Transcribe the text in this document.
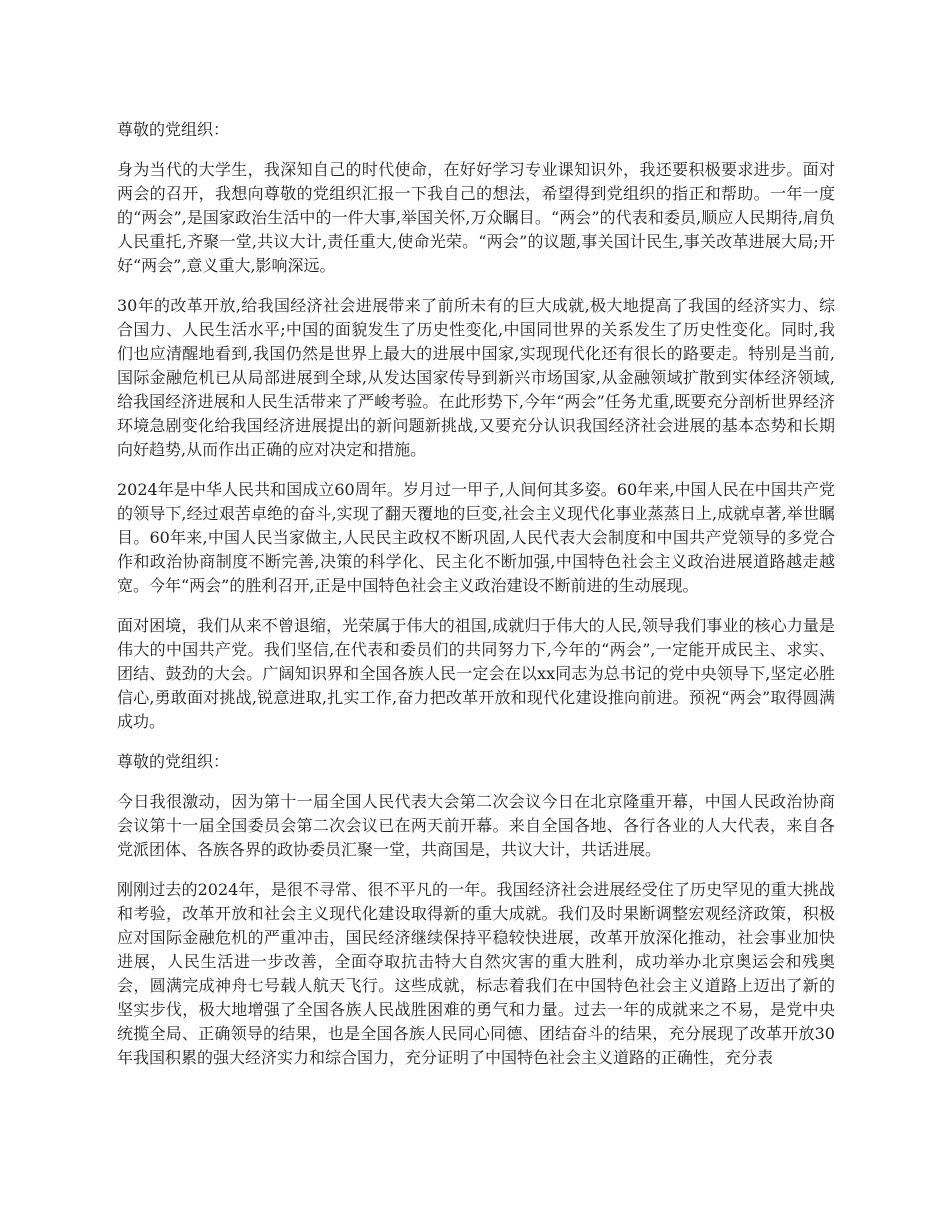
尊敬的党组织：

身为当代的大学生，我深知自己的时代使命，在好好学习专业课知识外，我还要积极要求进步。面对两会的召开，我想向尊敬的党组织汇报一下我自己的想法，希望得到党组织的指正和帮助。一年一度的“两会”,是国家政治生活中的一件大事,举国关怀,万众瞩目。“两会”的代表和委员,顺应人民期待,肩负人民重托,齐聚一堂,共议大计,责任重大,使命光荣。“两会”的议题,事关国计民生,事关改革进展大局;开好“两会”,意义重大,影响深远。

30年的改革开放,给我国经济社会进展带来了前所未有的巨大成就,极大地提高了我国的经济实力、综合国力、人民生活水平;中国的面貌发生了历史性变化,中国同世界的关系发生了历史性变化。同时,我们也应清醒地看到,我国仍然是世界上最大的进展中国家,实现现代化还有很长的路要走。特别是当前,国际金融危机已从局部进展到全球,从发达国家传导到新兴市场国家,从金融领域扩散到实体经济领域,给我国经济进展和人民生活带来了严峻考验。在此形势下,今年“两会”任务尤重,既要充分剖析世界经济环境急剧变化给我国经济进展提出的新问题新挑战,又要充分认识我国经济社会进展的基本态势和长期向好趋势,从而作出正确的应对决定和措施。

2024年是中华人民共和国成立60周年。岁月过一甲子,人间何其多姿。60年来,中国人民在中国共产党的领导下,经过艰苦卓绝的奋斗,实现了翻天覆地的巨变,社会主义现代化事业蒸蒸日上,成就卓著,举世瞩目。60年来,中国人民当家做主,人民民主政权不断巩固,人民代表大会制度和中国共产党领导的多党合作和政治协商制度不断完善,决策的科学化、民主化不断加强,中国特色社会主义政治进展道路越走越宽。今年“两会”的胜利召开,正是中国特色社会主义政治建设不断前进的生动展现。

面对困境，我们从来不曾退缩，光荣属于伟大的祖国,成就归于伟大的人民,领导我们事业的核心力量是伟大的中国共产党。我们坚信,在代表和委员们的共同努力下,今年的“两会”,一定能开成民主、求实、团结、鼓劲的大会。广阔知识界和全国各族人民一定会在以xx同志为总书记的党中央领导下,坚定必胜信心,勇敢面对挑战,锐意进取,扎实工作,奋力把改革开放和现代化建设推向前进。预祝“两会”取得圆满成功。

尊敬的党组织：

今日我很激动，因为第十一届全国人民代表大会第二次会议今日在北京隆重开幕，中国人民政治协商会议第十一届全国委员会第二次会议已在两天前开幕。来自全国各地、各行各业的人大代表，来自各党派团体、各族各界的政协委员汇聚一堂，共商国是，共议大计，共话进展。

刚刚过去的2024年，是很不寻常、很不平凡的一年。我国经济社会进展经受住了历史罕见的重大挑战和考验，改革开放和社会主义现代化建设取得新的重大成就。我们及时果断调整宏观经济政策，积极应对国际金融危机的严重冲击，国民经济继续保持平稳较快进展，改革开放深化推动，社会事业加快进展，人民生活进一步改善，全面夺取抗击特大自然灾害的重大胜利，成功举办北京奥运会和残奥会，圆满完成神舟七号载人航天飞行。这些成就，标志着我们在中国特色社会主义道路上迈出了新的坚实步伐，极大地增强了全国各族人民战胜困难的勇气和力量。过去一年的成就来之不易，是党中央统揽全局、正确领导的结果，也是全国各族人民同心同德、团结奋斗的结果，充分展现了改革开放30年我国积累的强大经济实力和综合国力，充分证明了中国特色社会主义道路的正确性，充分表
